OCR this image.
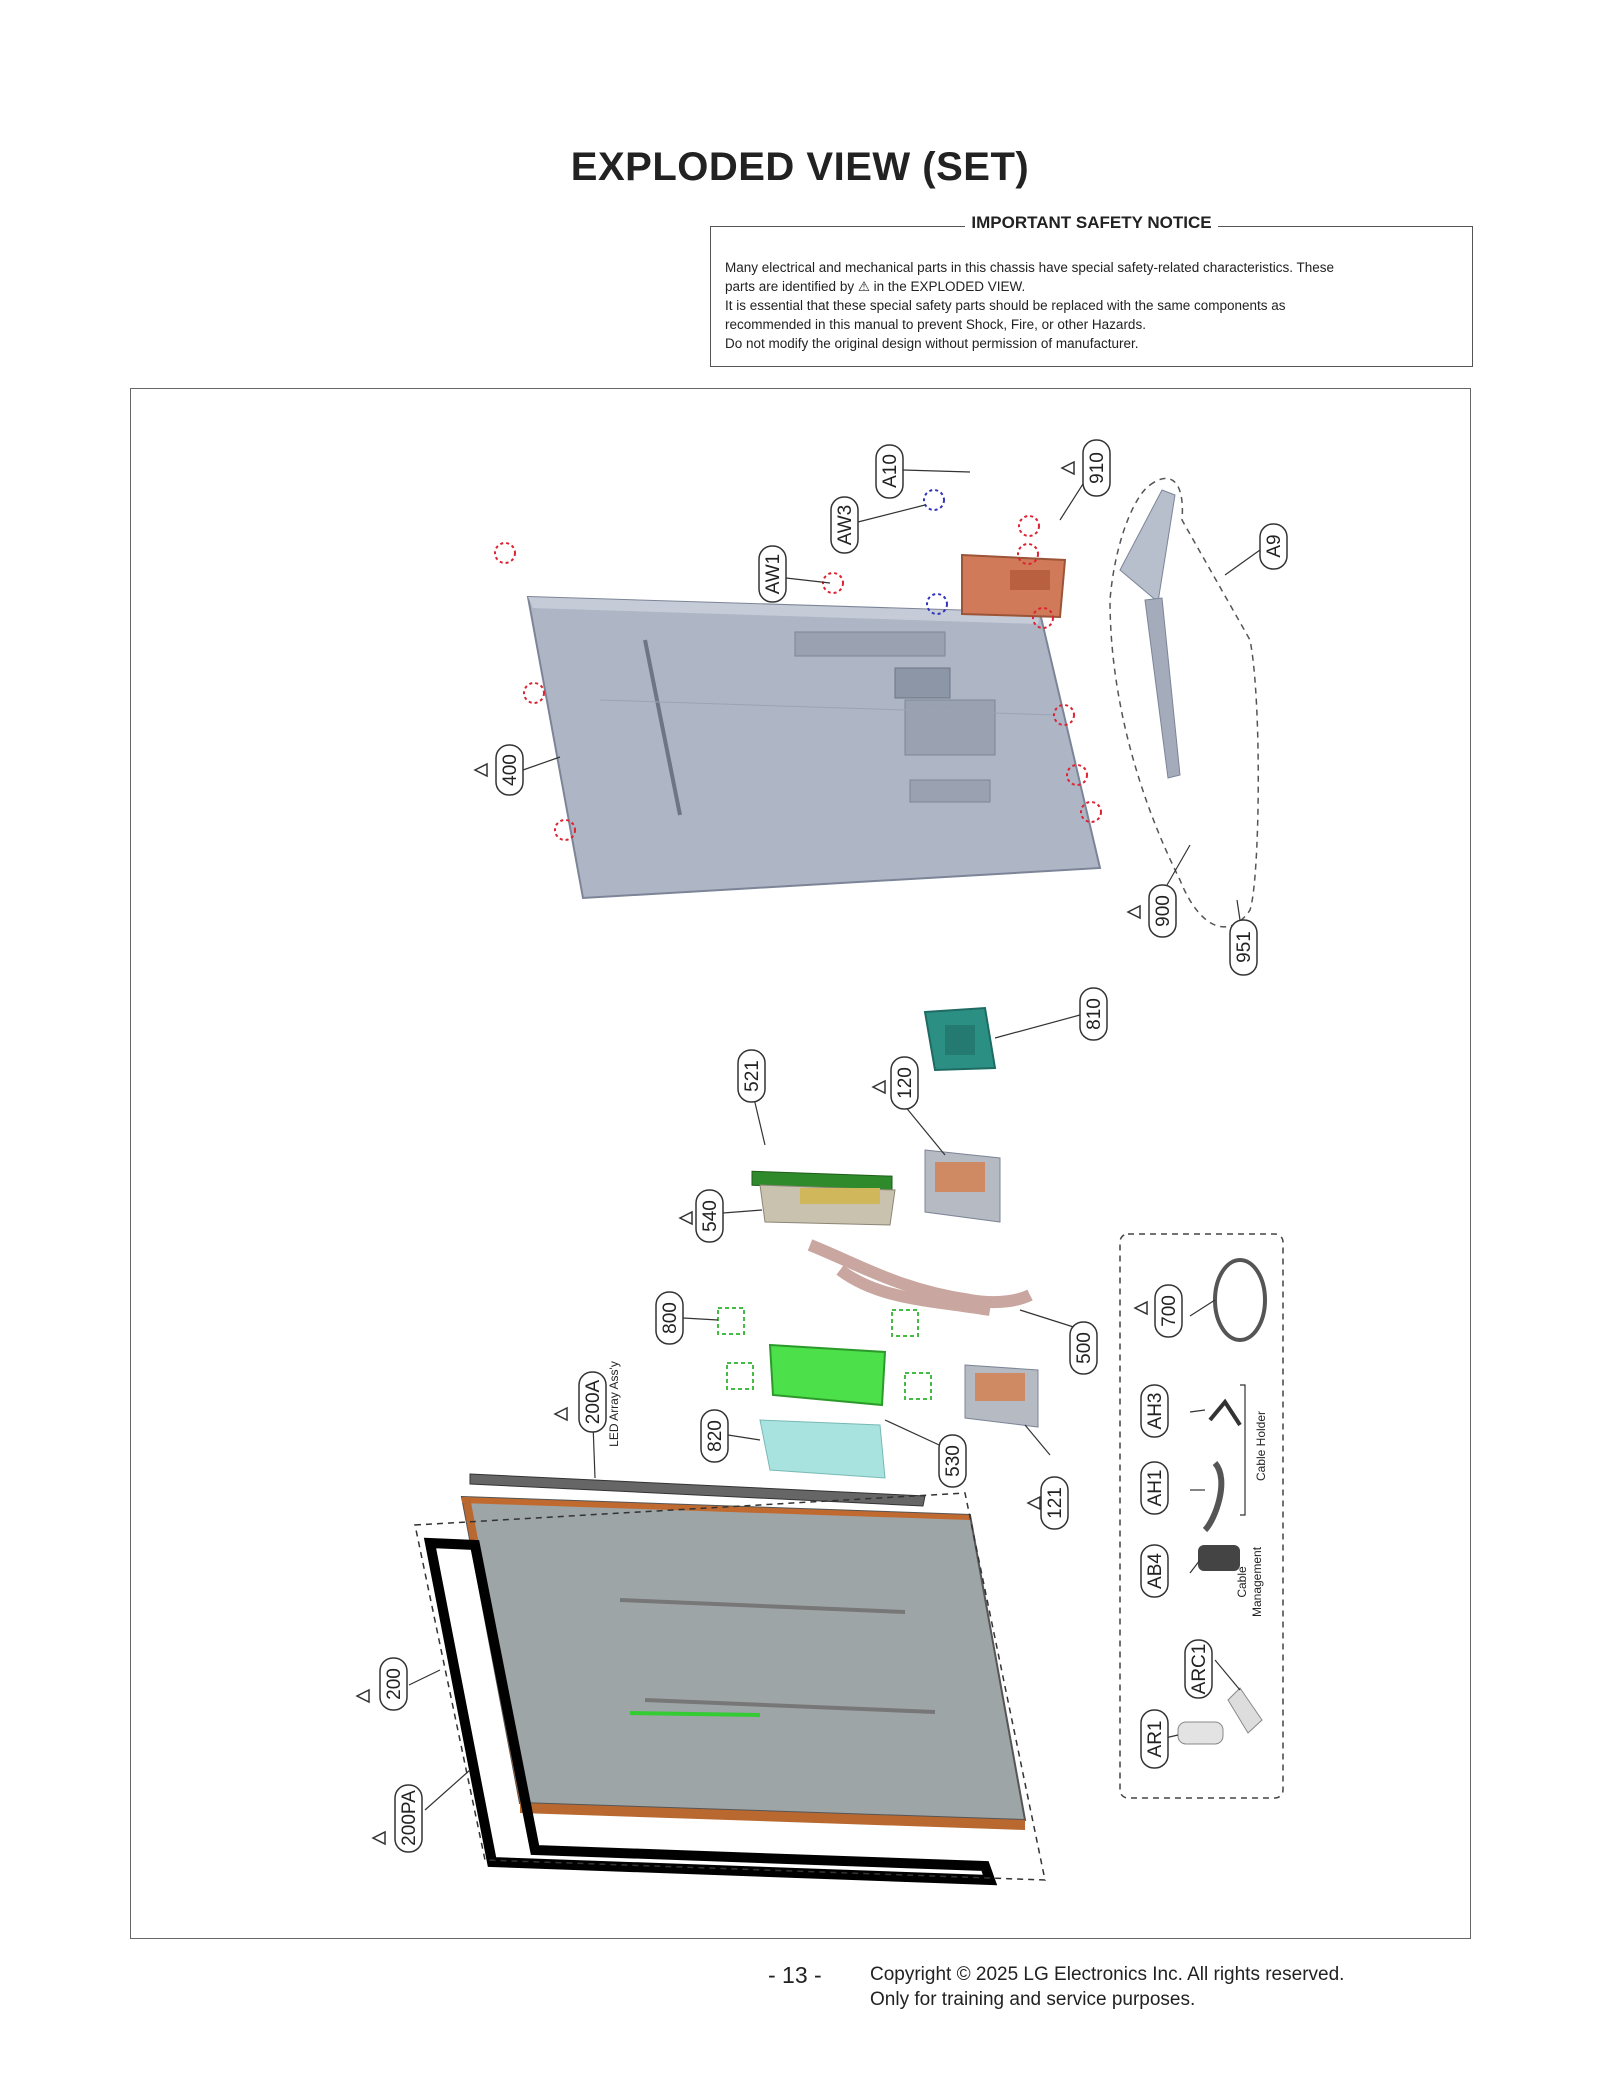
EXPLODED VIEW (SET)
IMPORTANT SAFETY NOTICE
Many electrical and mechanical parts in this chassis have special safety-related characteristics. These
parts are identified by ⚠ in the EXPLODED VIEW.
It is essential that these special safety parts should be replaced with the same components as
recommended in this manual to prevent Shock, Fire, or other Hazards.
Do not modify the original design without permission of manufacturer.
A10
AW3
AW1
910
A9
400
900
951
810
521	120
540
800
500
200A
820
530
121
200
200PA
700
AH3
AH1
AB4
ARC1
AR1
LED Array Ass'y	Cable Holder
Cable Management
- 13 -	Copyright © 2025 LG Electronics Inc. All rights reserved.
Only for training and service purposes.
